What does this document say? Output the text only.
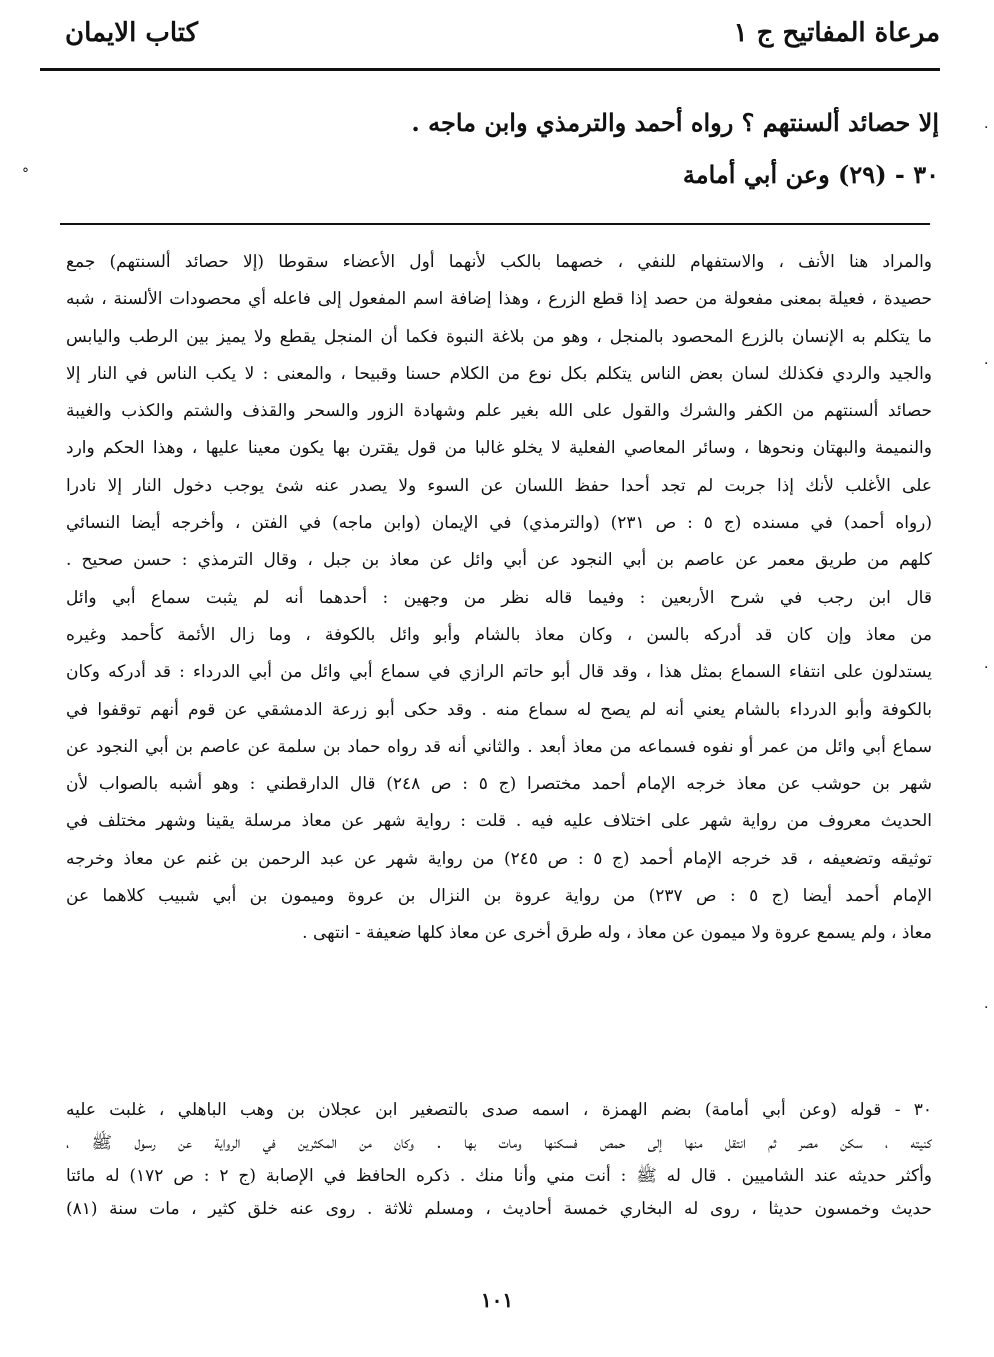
مرعاة المفاتيح ج ١
كتاب الايمان
إلا حصائد ألسنتهم ؟ رواه أحمد والترمذي وابن ماجه .
٣٠ - (٢٩) وعن أبي أمامة

والمراد هنا الأنف ، والاستفهام للنفي ، خصهما بالكب لأنهما أول الأعضاء سقوطا (إلا حصائد ألسنتهم) جمع

حصيدة ، فعيلة بمعنى مفعولة من حصد إذا قطع الزرع ، وهذا إضافة اسم المفعول إلى فاعله أي محصودات الألسنة ، شبه

ما يتكلم به الإنسان بالزرع المحصود بالمنجل ، وهو من بلاغة النبوة فكما أن المنجل يقطع ولا يميز بين الرطب واليابس

والجيد والردي فكذلك لسان بعض الناس يتكلم بكل نوع من الكلام حسنا وقبيحا ، والمعنى : لا يكب الناس في النار إلا

حصائد ألسنتهم من الكفر والشرك والقول على الله بغير علم وشهادة الزور والسحر والقذف والشتم والكذب والغيبة

والنميمة والبهتان ونحوها ، وسائر المعاصي الفعلية لا يخلو غالبا من قول يقترن بها يكون معينا عليها ، وهذا الحكم وارد

على الأغلب لأنك إذا جربت لم تجد أحدا حفظ اللسان عن السوء ولا يصدر عنه شئ يوجب دخول النار إلا نادرا

(رواه أحمد) في مسنده (ج ٥ : ص ٢٣١) (والترمذي) في الإيمان (وابن ماجه) في الفتن ، وأخرجه أيضا النسائي

كلهم من طريق معمر عن عاصم بن أبي النجود عن أبي وائل عن معاذ بن جبل ، وقال الترمذي : حسن صحيح .

قال ابن رجب في شرح الأربعين : وفيما قاله نظر من وجهين : أحدهما أنه لم يثبت سماع أبي وائل

من معاذ وإن كان قد أدركه بالسن ، وكان معاذ بالشام وأبو وائل بالكوفة ، وما زال الأئمة كأحمد وغيره

يستدلون على انتفاء السماع بمثل هذا ، وقد قال أبو حاتم الرازي في سماع أبي وائل من أبي الدرداء : قد أدركه وكان

بالكوفة وأبو الدرداء بالشام يعني أنه لم يصح له سماع منه . وقد حكى أبو زرعة الدمشقي عن قوم أنهم توقفوا في

سماع أبي وائل من عمر أو نفوه فسماعه من معاذ أبعد . والثاني أنه قد رواه حماد بن سلمة عن عاصم بن أبي النجود عن

شهر بن حوشب عن معاذ خرجه الإمام أحمد مختصرا (ج ٥ : ص ٢٤٨) قال الدارقطني : وهو أشبه بالصواب لأن

الحديث معروف من رواية شهر على اختلاف عليه فيه . قلت : رواية شهر عن معاذ مرسلة يقينا وشهر مختلف في

توثيقه وتضعيفه ، قد خرجه الإمام أحمد (ج ٥ : ص ٢٤٥) من رواية شهر عن عبد الرحمن بن غنم عن معاذ وخرجه

الإمام أحمد أيضا (ج ٥ : ص ٢٣٧) من رواية عروة بن النزال بن عروة وميمون بن أبي شبيب كلاهما عن

معاذ ، ولم يسمع عروة ولا ميمون عن معاذ ، وله طرق أخرى عن معاذ كلها ضعيفة - انتهى .

٣٠ - قوله (وعن أبي أمامة) بضم الهمزة ، اسمه صدى بالتصغير ابن عجلان بن وهب الباهلي ، غلبت عليه

كنيته ، سكن مصر ثم انتقل منها إلى حمص فسكنها ومات بها . وكان من المكثرين في الرواية عن رسول ﷺ ،

وأكثر حديثه عند الشاميين . قال له ﷺ : أنت مني وأنا منك . ذكره الحافظ في الإصابة (ج ٢ : ص ١٧٢) له مائتا

حديث وخمسون حديثا ، روى له البخاري خمسة أحاديث ، ومسلم ثلاثة . روى عنه خلق كثير ، مات سنة (٨١)

١٠١
°
·
·
·
·
